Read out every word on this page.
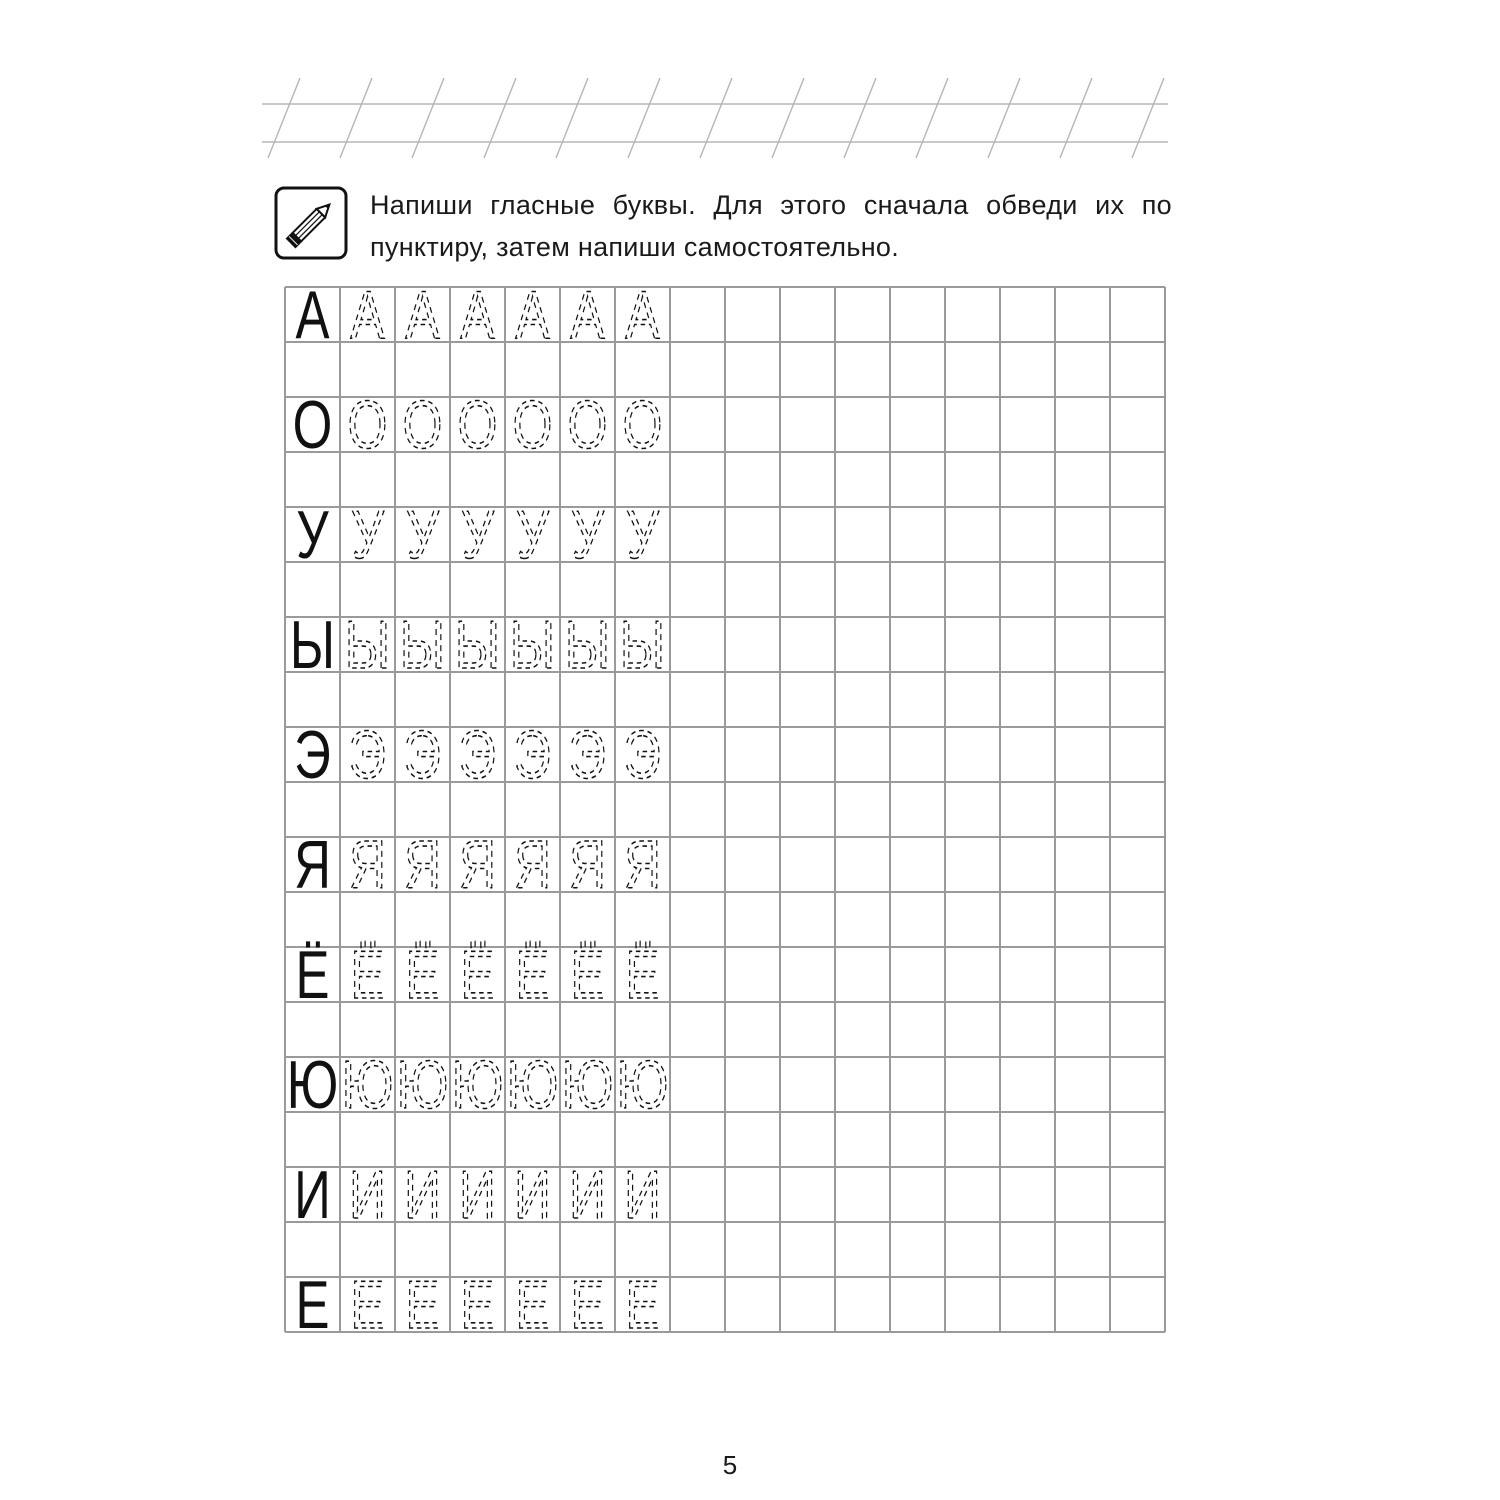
Напиши гласные буквы. Для этого сначала обведи их по пунктиру, затем напиши самостоятельно.

А А А А А А А
О О О О О О О
У У У У У У У
Ы Ы Ы Ы Ы Ы Ы
Э Э Э Э Э Э Э
Я Я Я Я Я Я Я
Ё Ё Ё Ё Ё Ё Ё
Ю Ю Ю Ю Ю Ю Ю
И И И И И И И
Е Е Е Е Е Е Е
5
